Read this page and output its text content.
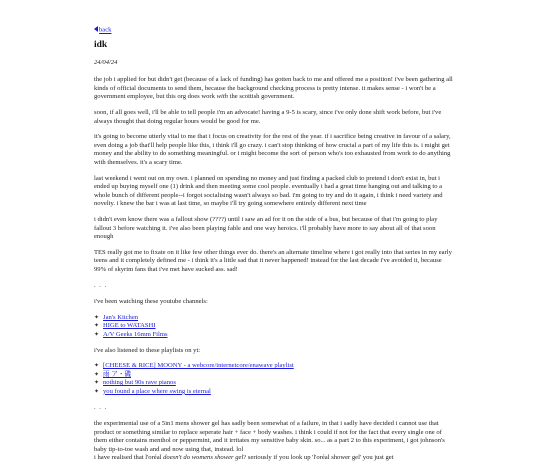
back
idk
24/04/24

the job i applied for but didn't get (because of a lack of funding) has gotten back to me and offered me a position! i've been gathering all kinds of official documents to send them, because the background checking process is pretty intense. it makes sense - i won't be a government employee, but this org does work with the scottish government.

soon, if all goes well, i'll be able to tell people i'm an advocate! having a 9-5 is scary, since i've only done shift work before, but i've always thought that doing regular hours would be good for me.

it's going to become utterly vital to me that i focus on creativity for the rest of the year. if i sacrifice being creative in favour of a salary, even doing a job that'll help people like this, i think i'll go crazy. i can't stop thinking of how crucial a part of my life this is. i might get money and the ability to do something meaningful. or i might become the sort of person who's too exhausted from work to do anything with themselves. it's a scary time.

last weekend i went out on my own. i planned on spending no money and just finding a packed club to pretend i don't exist in, but i ended up buying myself one (1) drink and then meeting some cool people. eventually i had a great time hanging out and talking to a whole bunch of different people--i forgot socialising wasn't always so bad. i'm going to try and do it again, i think i need variety and novelty. i knew the bar i was at last time, so maybe i'll try going somewhere entirely different next time

i didn't even know there was a fallout show (????) until i saw an ad for it on the side of a bus, but because of that i'm going to play fallout 3 before watching it. i've also been playing fable and one way heroics. i'll probably have more to say about all of that soon enough

TES really got me to fixate on it like few other things ever do. there's an alternate timeline where i got really into that series in my early teens and it completely defined me - i think it's a little sad that it never happened! instead for the last decade i've avoided it, because 99% of skyrim fans that i've met have sucked ass. sad!

. . .

i've been watching these youtube channels:

✦ Jan's Kitchen
✦ HIGE to WATASHI
✦ A/V Geeks 16mm Films

i've also listened to these playlists on yt:

✦ [CHEESE & RICE] MOONY - a webcore/internetcore/enawave playlist
✦ 雨 ア・磯
✦ nothing but 90s rave pianos
✦ you found a place where swing is eternal
. . .

the experimental use of a 5in1 mens shower gel has sadly been somewhat of a failure, in that i sadly have decided i cannot use that product or something similar to replace seperate hair + face + body washes. i think i could if not for the fact that every single one of them either contains menthol or peppermint, and it irritates my sensitive baby skin. so... as a part 2 to this experiment, i got johnson's baby tip-to-toe wash and and now using that, instead. lol
i have realised that l'oréal doesn't do womens shower gel? seriously if you look up 'l'oréal shower gel' you just get
